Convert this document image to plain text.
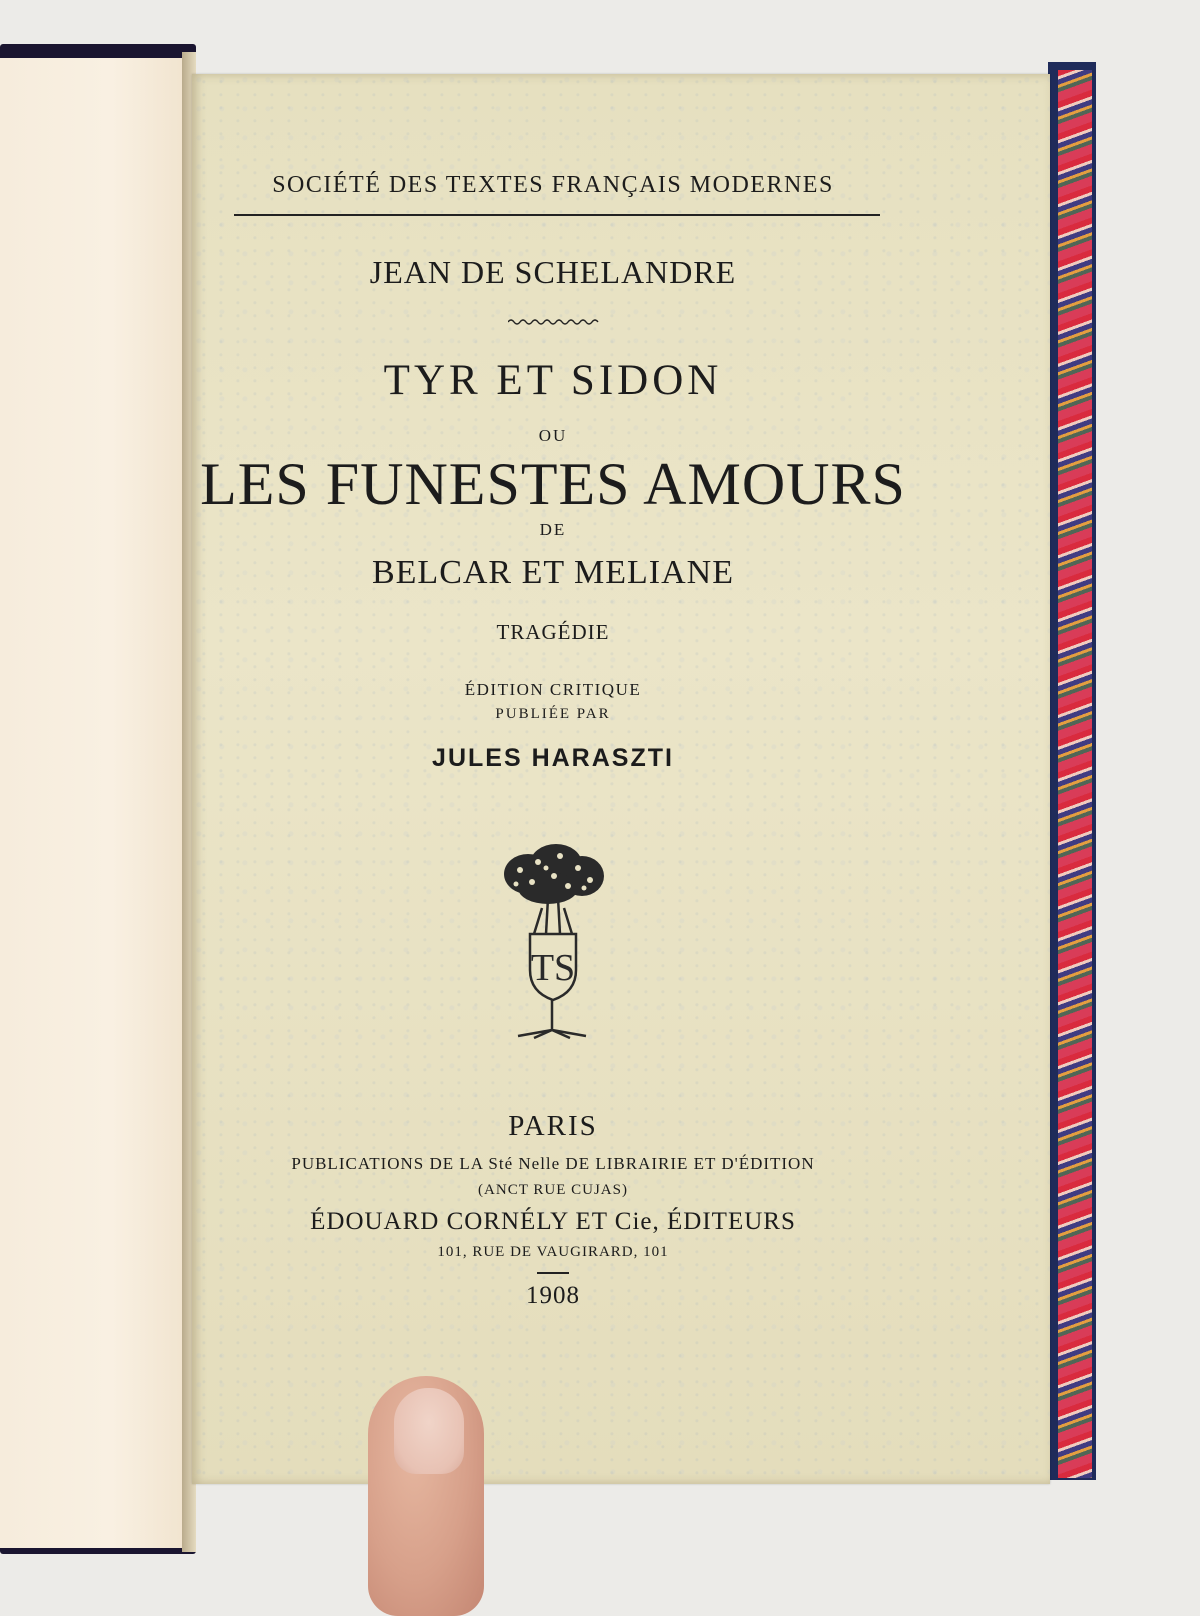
SOCIÉTÉ DES TEXTES FRANÇAIS MODERNES

JEAN DE SCHELANDRE

TYR ET SIDON

OU

LES FUNESTES AMOURS

DE

BELCAR ET MELIANE

TRAGÉDIE

ÉDITION CRITIQUE

PUBLIÉE PAR

JULES HARASZTI

TS

PARIS

PUBLICATIONS DE LA Sté Nelle DE LIBRAIRIE ET D'ÉDITION

(ANCT RUE CUJAS)

ÉDOUARD CORNÉLY ET Cie, ÉDITEURS

101, RUE DE VAUGIRARD, 101

1908
